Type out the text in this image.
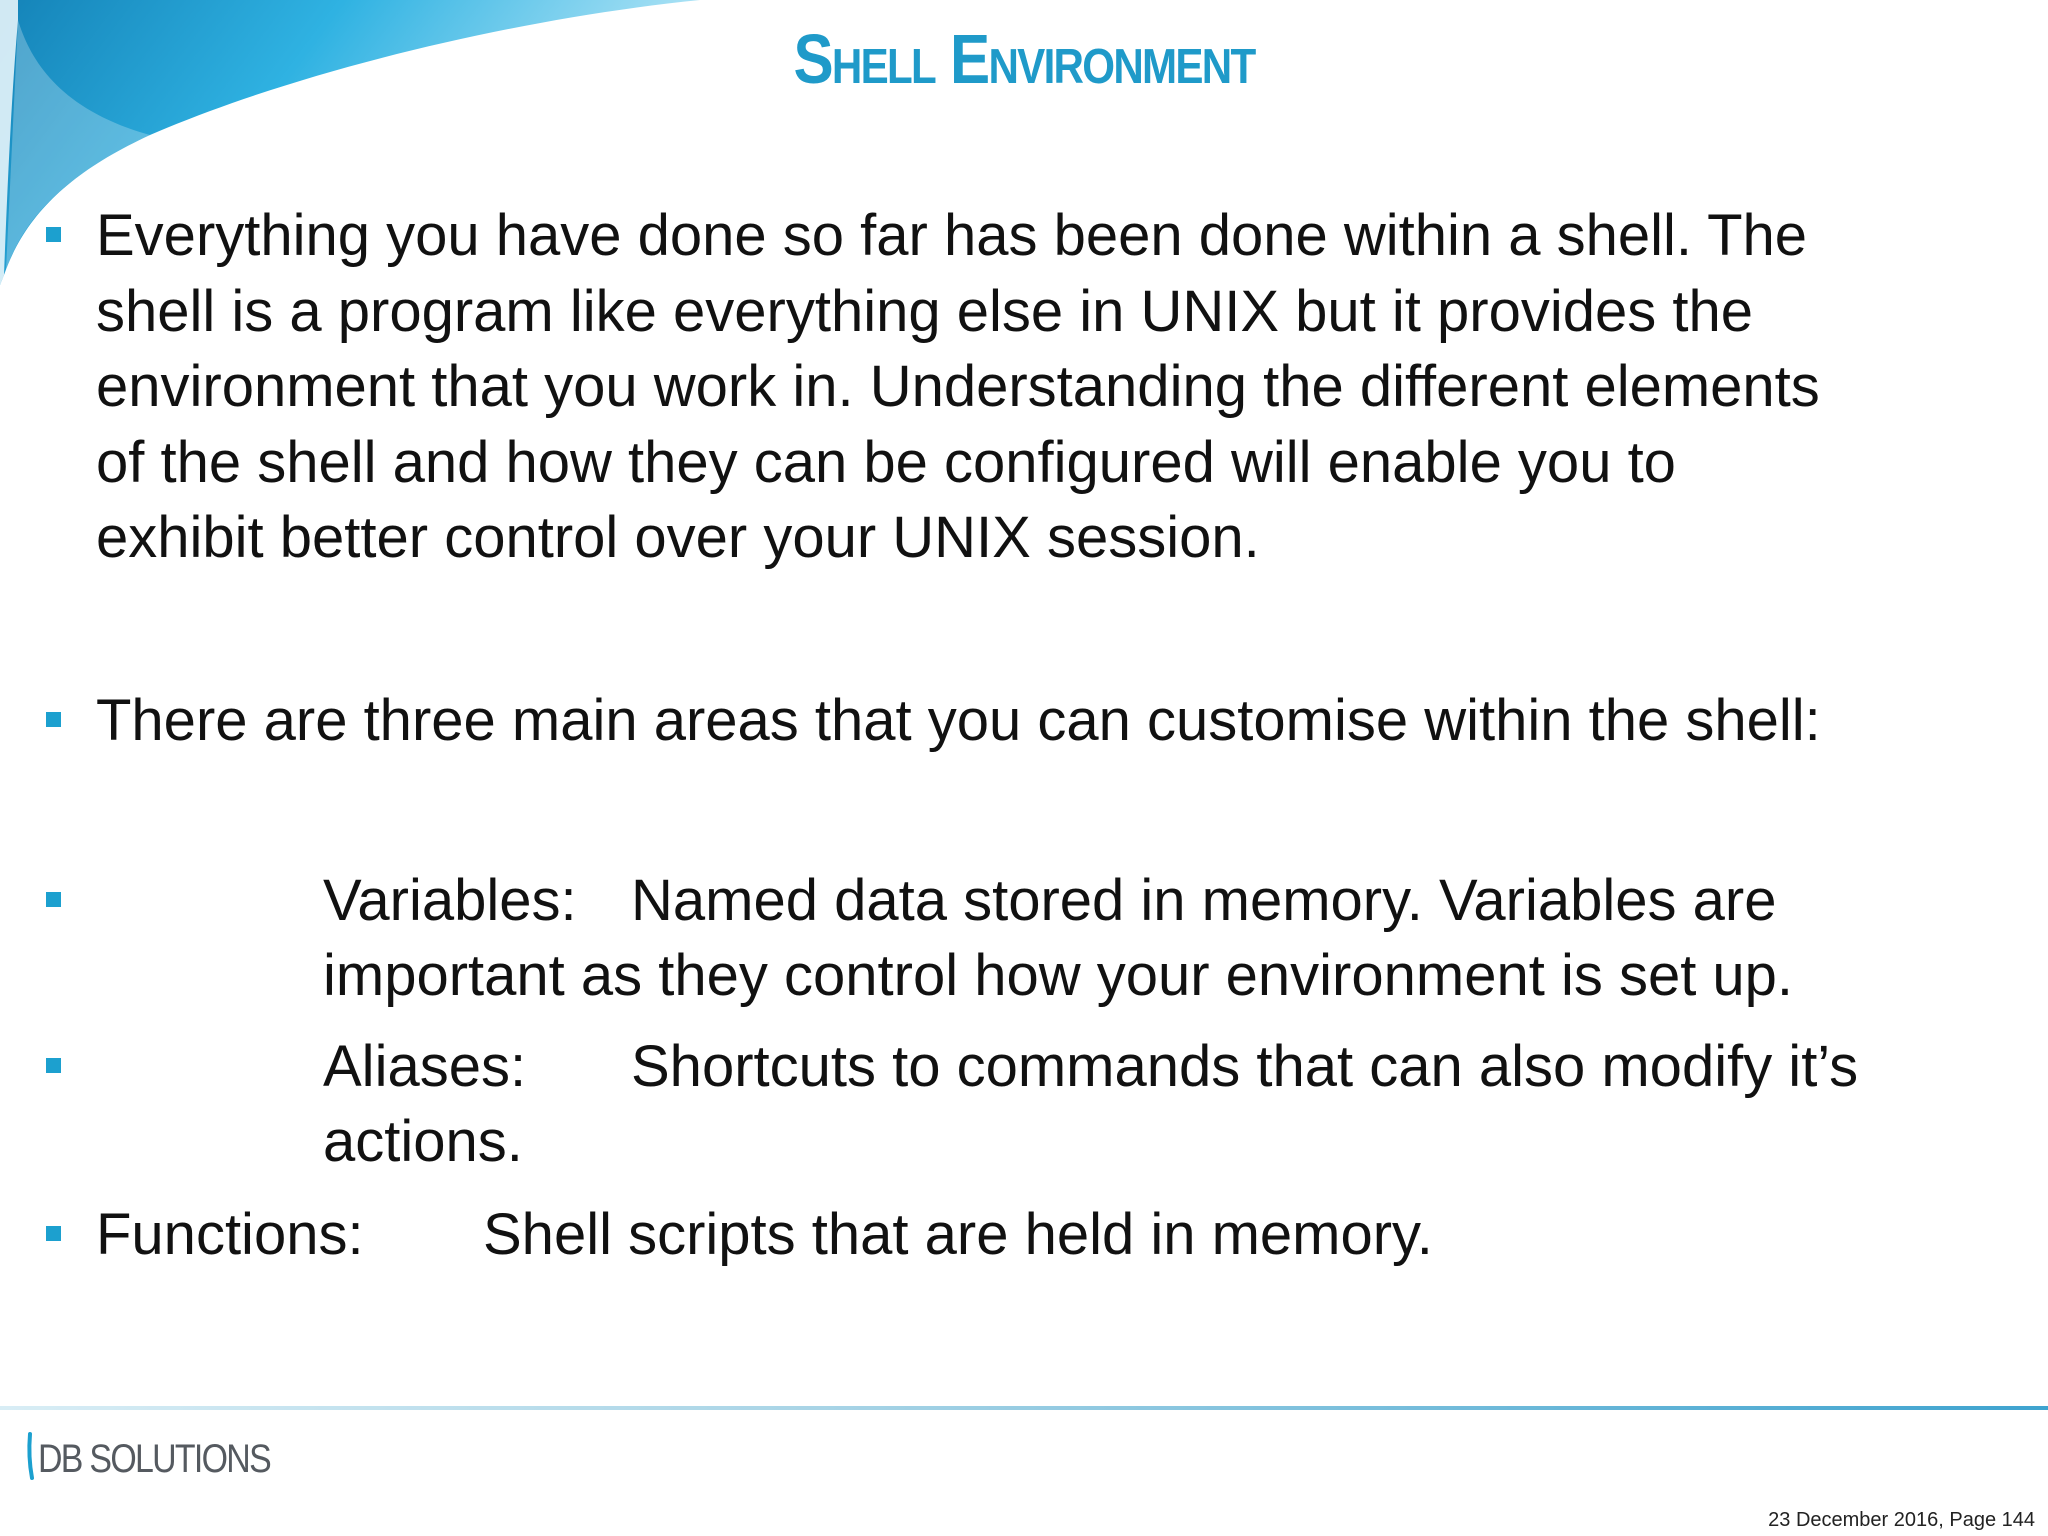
Shell Environment
Everything you have done so far has been done within a shell. The
shell is a program like everything else in UNIX but it provides the
environment that you work in. Understanding the different elements
of the shell and how they can be configured will enable you to
exhibit better control over your UNIX session.
There are three main areas that you can customise within the shell:
Variables: Named data stored in memory. Variables are
important as they control how your environment is set up.
Aliases: Shortcuts to commands that can also modify it’s
actions.
Functions: Shell scripts that are held in memory.
DB SOLUTIONS
23 December 2016, Page 144
